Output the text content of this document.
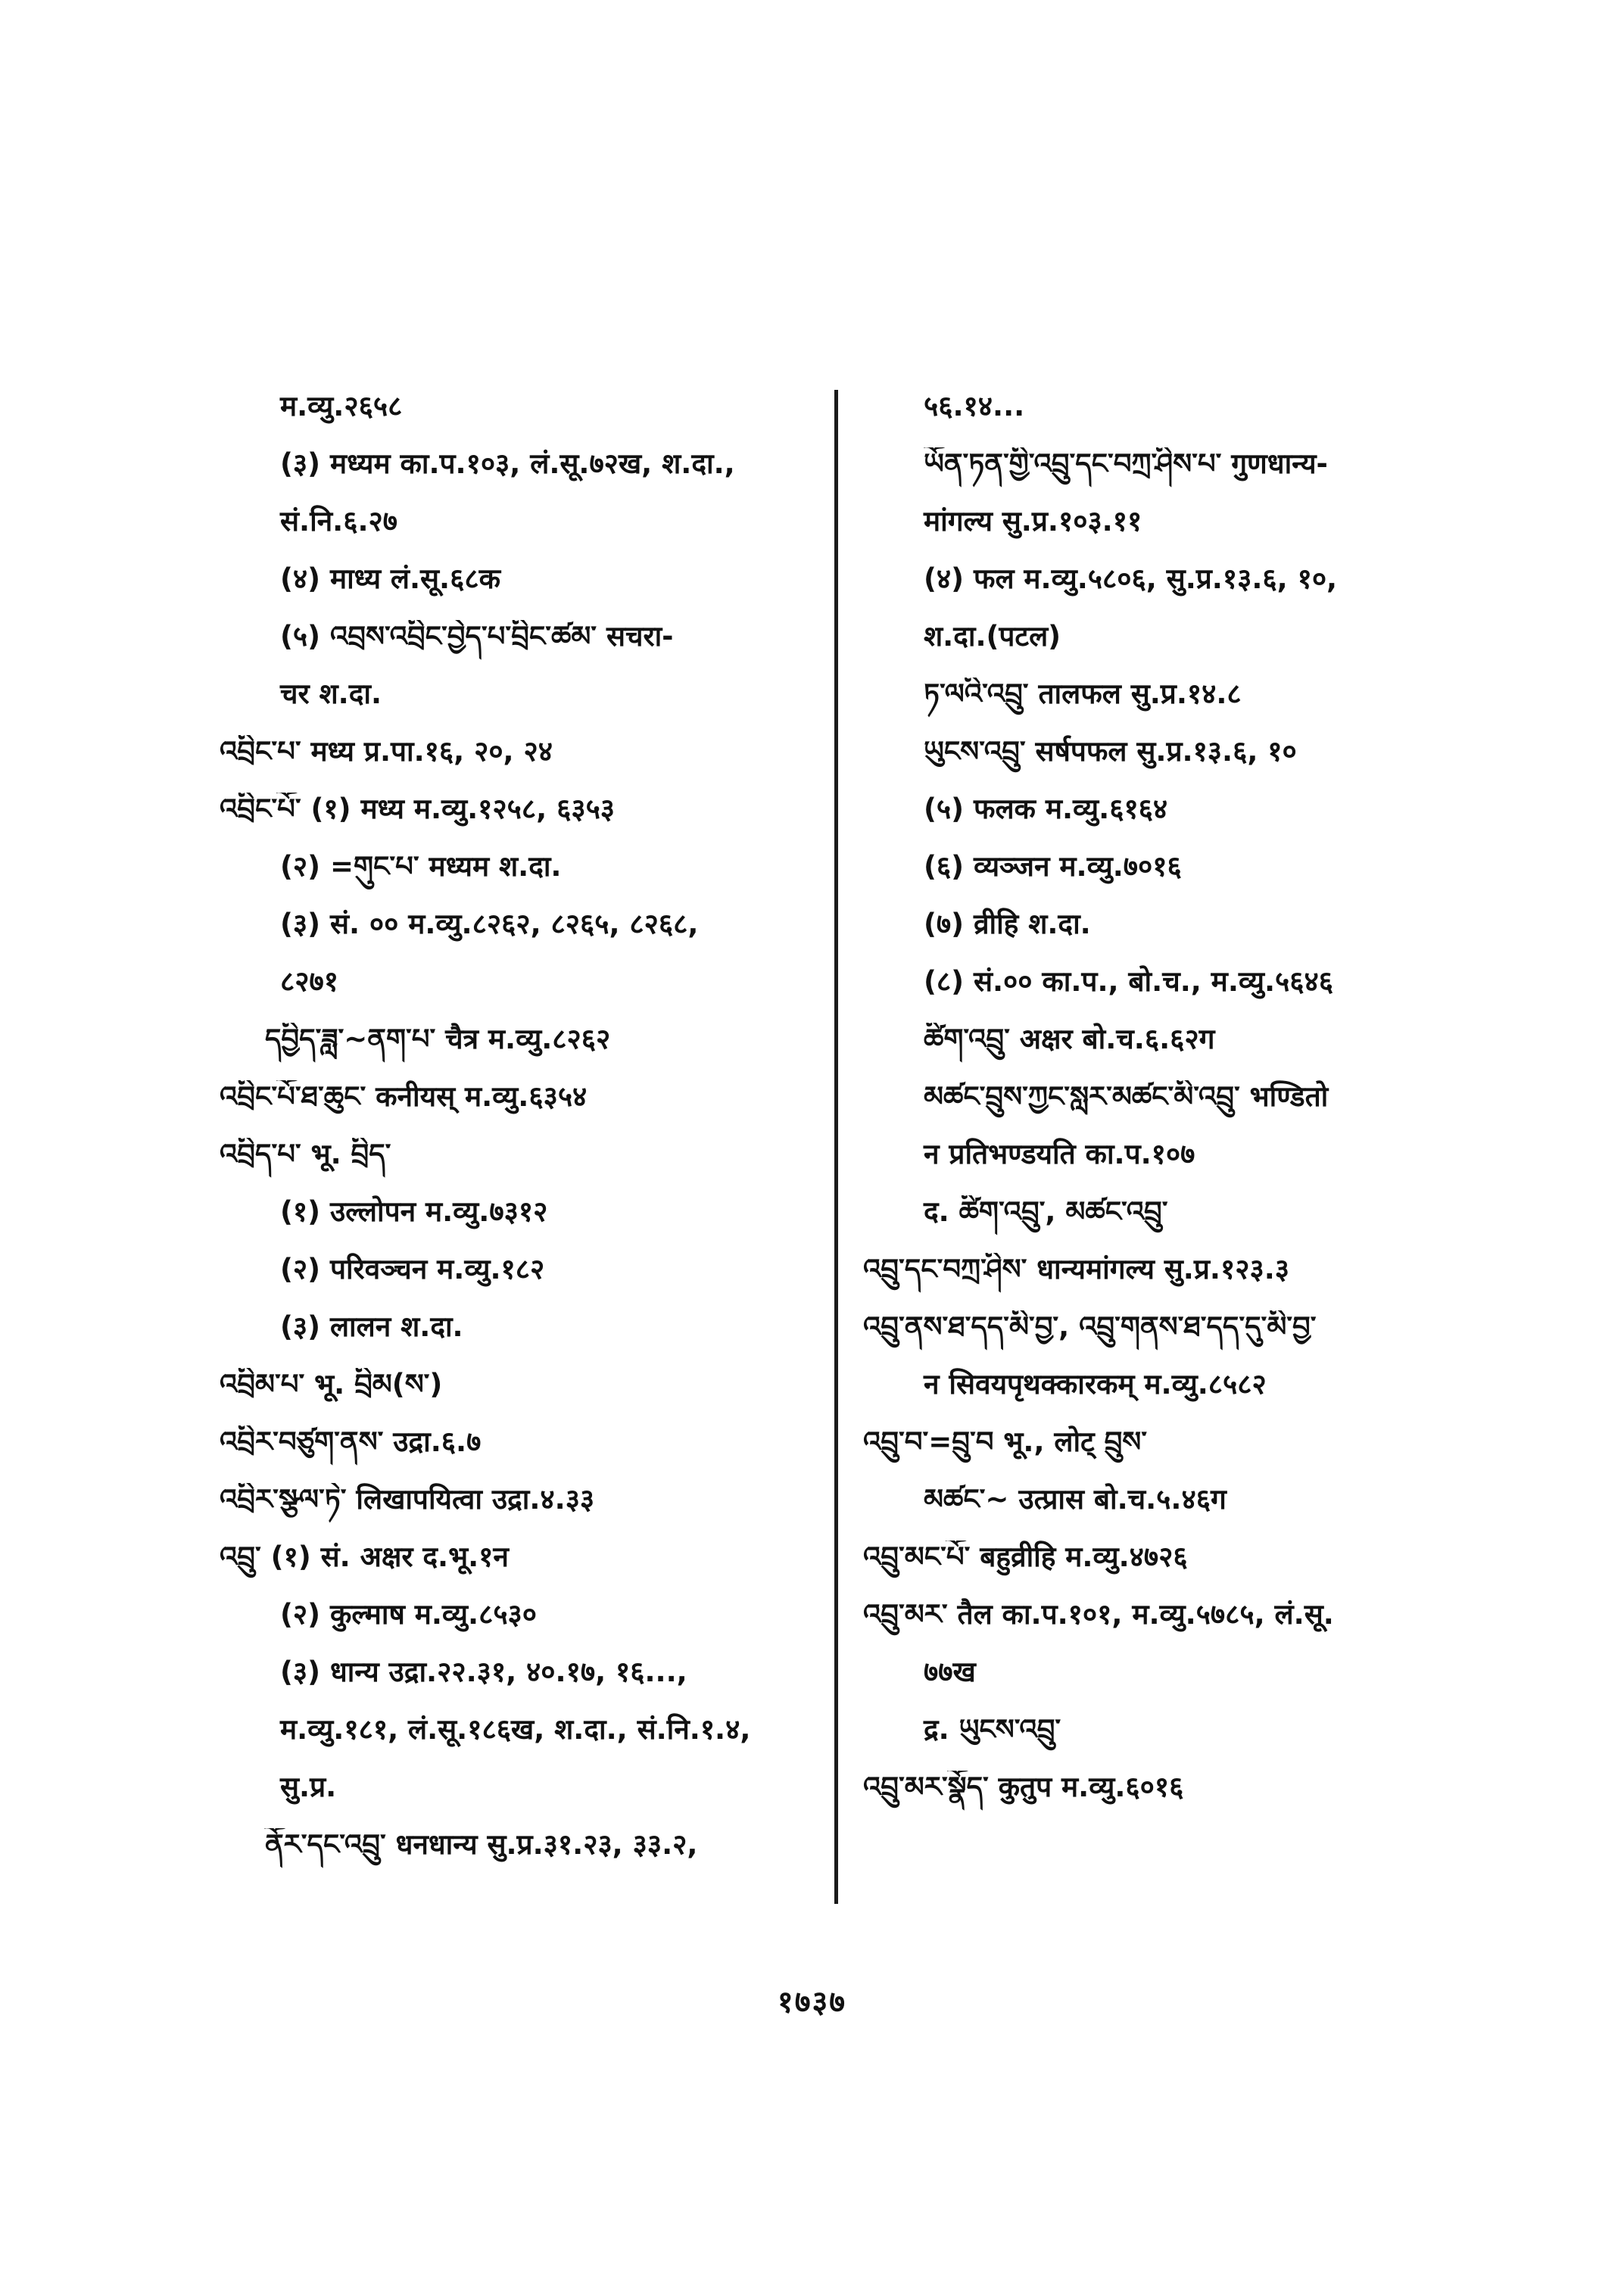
म.व्यु.२६५८
(३) मध्यम का.प.१०३, लं.सू.७२ख, श.दा.,
सं.नि.६.२७
(४) माध्य लं.सू.६८क
(५) འབྲས་འབྲིང་བྱེད་པ་བྲིང་ཚམ་ सचरा-
चर श.दा.
འབྲིང་པ་ मध्य प्र.पा.१६, २०, २४
འབྲིང་པོ་ (१) मध्य म.व्यु.१२५८, ६३५३
(२) =གུང་པ་ मध्यम श.दा.
(३) सं. ०० म.व्यु.८२६२, ८२६५, ८२६८,
८२७१
དབྱིད་ཟླ་~ནག་པ་ चैत्र म.व्यु.८२६२
འབྲིང་པོ་ཐ་ཆུང་ कनीयस् म.व्यु.६३५४
འབྲིད་པ་ भू. བྲིད་
(१) उल्लोपन म.व्यु.७३१२
(२) परिवञ्चन म.व्यु.१८२
(३) लालन श.दा.
འབྲིམ་པ་ भू. བྲིམ(ས་)
འབྲིར་བཙུག་ནས་ उद्रा.६.७
འབྲིར་སྩལ་ཏེ་ लिखापयित्वा उद्रा.४.३३
འབྲུ་ (१) सं. अक्षर द.भू.१न
(२) कुल्माष म.व्यु.८५३०
(३) धान्य उद्रा.२२.३१, ४०.१७, १६...,
म.व्यु.१८१, लं.सू.१८६ख, श.दा., सं.नि.१.४,
सु.प्र.
ནོར་དང་འབྲུ་ धनधान्य सु.प्र.३१.२३, ३३.२,
५६.१४...
ཡོན་ཏན་གྱི་འབྲུ་དང་བཀྲ་ཤིས་པ་ गुणधान्य-
मांगल्य सु.प्र.१०३.११
(४) फल म.व्यु.५८०६, सु.प्र.१३.६, १०,
श.दा.(पटल)
ཏ་ལའི་འབྲུ་ तालफल सु.प्र.१४.८
ཡུངས་འབྲུ་ सर्षपफल सु.प्र.१३.६, १०
(५) फलक म.व्यु.६१६४
(६) व्यञ्जन म.व्यु.७०१६
(७) व्रीहि श.दा.
(८) सं.०० का.प., बो.च., म.व्यु.५६४६
ཚིག་འབྲུ་ अक्षर बो.च.६.६२ग
མཚང་བྲུས་ཀྱང་སླར་མཚང་མི་འབྲུ་ भण्डितो
न प्रतिभण्डयति का.प.१०७
द. ཚིག་འབྲུ་, མཚང་འབྲུ་
འབྲུ་དང་བཀྲ་ཤིས་ धान्यमांगल्य सु.प्र.१२३.३
འབྲུ་ནས་ཐ་དད་མི་བྱ་, འབྲུ་གནས་ཐ་དད་དུ་མི་བྱ་
न सिवयपृथक्कारकम् म.व्यु.८५८२
འབྲུ་བ་=བྲུ་བ भू., लोट् བྲུས་
མཚང་~ उत्प्रास बो.च.५.४६ग
འབྲུ་མང་པོ་ बहुव्रीहि म.व्यु.४७२६
འབྲུ་མར་ तैल का.प.१०१, म.व्यु.५७८५, लं.सू.
७७ख
द्र. ཡུངས་འབྲུ་
འབྲུ་མར་སྣོད་ कुतुप म.व्यु.६०१६
१७३७
